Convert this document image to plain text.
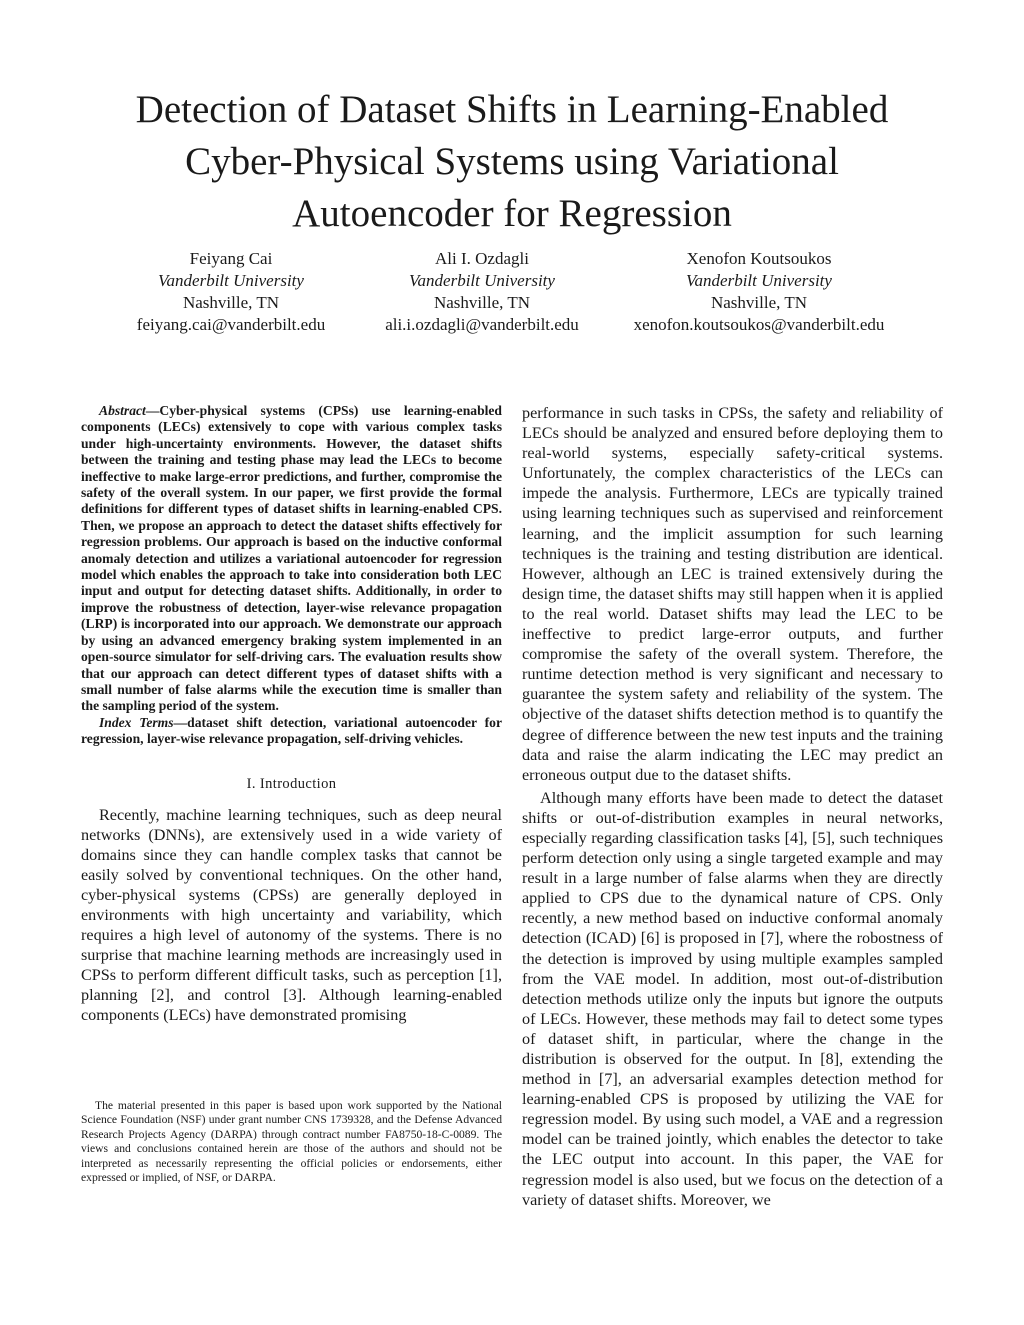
Detection of Dataset Shifts in Learning-Enabled
Cyber-Physical Systems using Variational
Autoencoder for Regression
Feiyang Cai
Vanderbilt University
Nashville, TN
feiyang.cai@vanderbilt.edu
Ali I. Ozdagli
Vanderbilt University
Nashville, TN
ali.i.ozdagli@vanderbilt.edu
Xenofon Koutsoukos
Vanderbilt University
Nashville, TN
xenofon.koutsoukos@vanderbilt.edu

Abstract—Cyber-physical systems (CPSs) use learning-enabled components (LECs) extensively to cope with various complex tasks under high-uncertainty environments. However, the dataset shifts between the training and testing phase may lead the LECs to become ineffective to make large-error predictions, and further, compromise the safety of the overall system. In our paper, we first provide the formal definitions for different types of dataset shifts in learning-enabled CPS. Then, we propose an approach to detect the dataset shifts effectively for regression problems. Our approach is based on the inductive conformal anomaly detection and utilizes a variational autoencoder for regression model which enables the approach to take into consideration both LEC input and output for detecting dataset shifts. Additionally, in order to improve the robustness of detection, layer-wise relevance propagation (LRP) is incorporated into our approach. We demonstrate our approach by using an advanced emergency braking system implemented in an open-source simulator for self-driving cars. The evaluation results show that our approach can detect different types of dataset shifts with a small number of false alarms while the execution time is smaller than the sampling period of the system.

Index Terms—dataset shift detection, variational autoencoder for regression, layer-wise relevance propagation, self-driving vehicles.

I. Introduction

Recently, machine learning techniques, such as deep neural networks (DNNs), are extensively used in a wide variety of domains since they can handle complex tasks that cannot be easily solved by conventional techniques. On the other hand, cyber-physical systems (CPSs) are generally deployed in environments with high uncertainty and variability, which requires a high level of autonomy of the systems. There is no surprise that machine learning methods are increasingly used in CPSs to perform different difficult tasks, such as perception [1], planning [2], and control [3]. Although learning-enabled components (LECs) have demonstrated promising

The material presented in this paper is based upon work supported by the National Science Foundation (NSF) under grant number CNS 1739328, and the Defense Advanced Research Projects Agency (DARPA) through contract number FA8750-18-C-0089. The views and conclusions contained herein are those of the authors and should not be interpreted as necessarily representing the official policies or endorsements, either expressed or implied, of NSF, or DARPA.

performance in such tasks in CPSs, the safety and reliability of LECs should be analyzed and ensured before deploying them to real-world systems, especially safety-critical systems. Unfortunately, the complex characteristics of the LECs can impede the analysis. Furthermore, LECs are typically trained using learning techniques such as supervised and reinforcement learning, and the implicit assumption for such learning techniques is the training and testing distribution are identical. However, although an LEC is trained extensively during the design time, the dataset shifts may still happen when it is applied to the real world. Dataset shifts may lead the LEC to be ineffective to predict large-error outputs, and further compromise the safety of the overall system. Therefore, the runtime detection method is very significant and necessary to guarantee the system safety and reliability of the system. The objective of the dataset shifts detection method is to quantify the degree of difference between the new test inputs and the training data and raise the alarm indicating the LEC may predict an erroneous output due to the dataset shifts.

Although many efforts have been made to detect the dataset shifts or out-of-distribution examples in neural networks, especially regarding classification tasks [4], [5], such techniques perform detection only using a single targeted example and may result in a large number of false alarms when they are directly applied to CPS due to the dynamical nature of CPS. Only recently, a new method based on inductive conformal anomaly detection (ICAD) [6] is proposed in [7], where the robostness of the detection is improved by using multiple examples sampled from the VAE model. In addition, most out-of-distribution detection methods utilize only the inputs but ignore the outputs of LECs. However, these methods may fail to detect some types of dataset shift, in particular, where the change in the distribution is observed for the output. In [8], extending the method in [7], an adversarial examples detection method for learning-enabled CPS is proposed by utilizing the VAE for regression model. By using such model, a VAE and a regression model can be trained jointly, which enables the detector to take the LEC output into account. In this paper, the VAE for regression model is also used, but we focus on the detection of a variety of dataset shifts. Moreover, we
